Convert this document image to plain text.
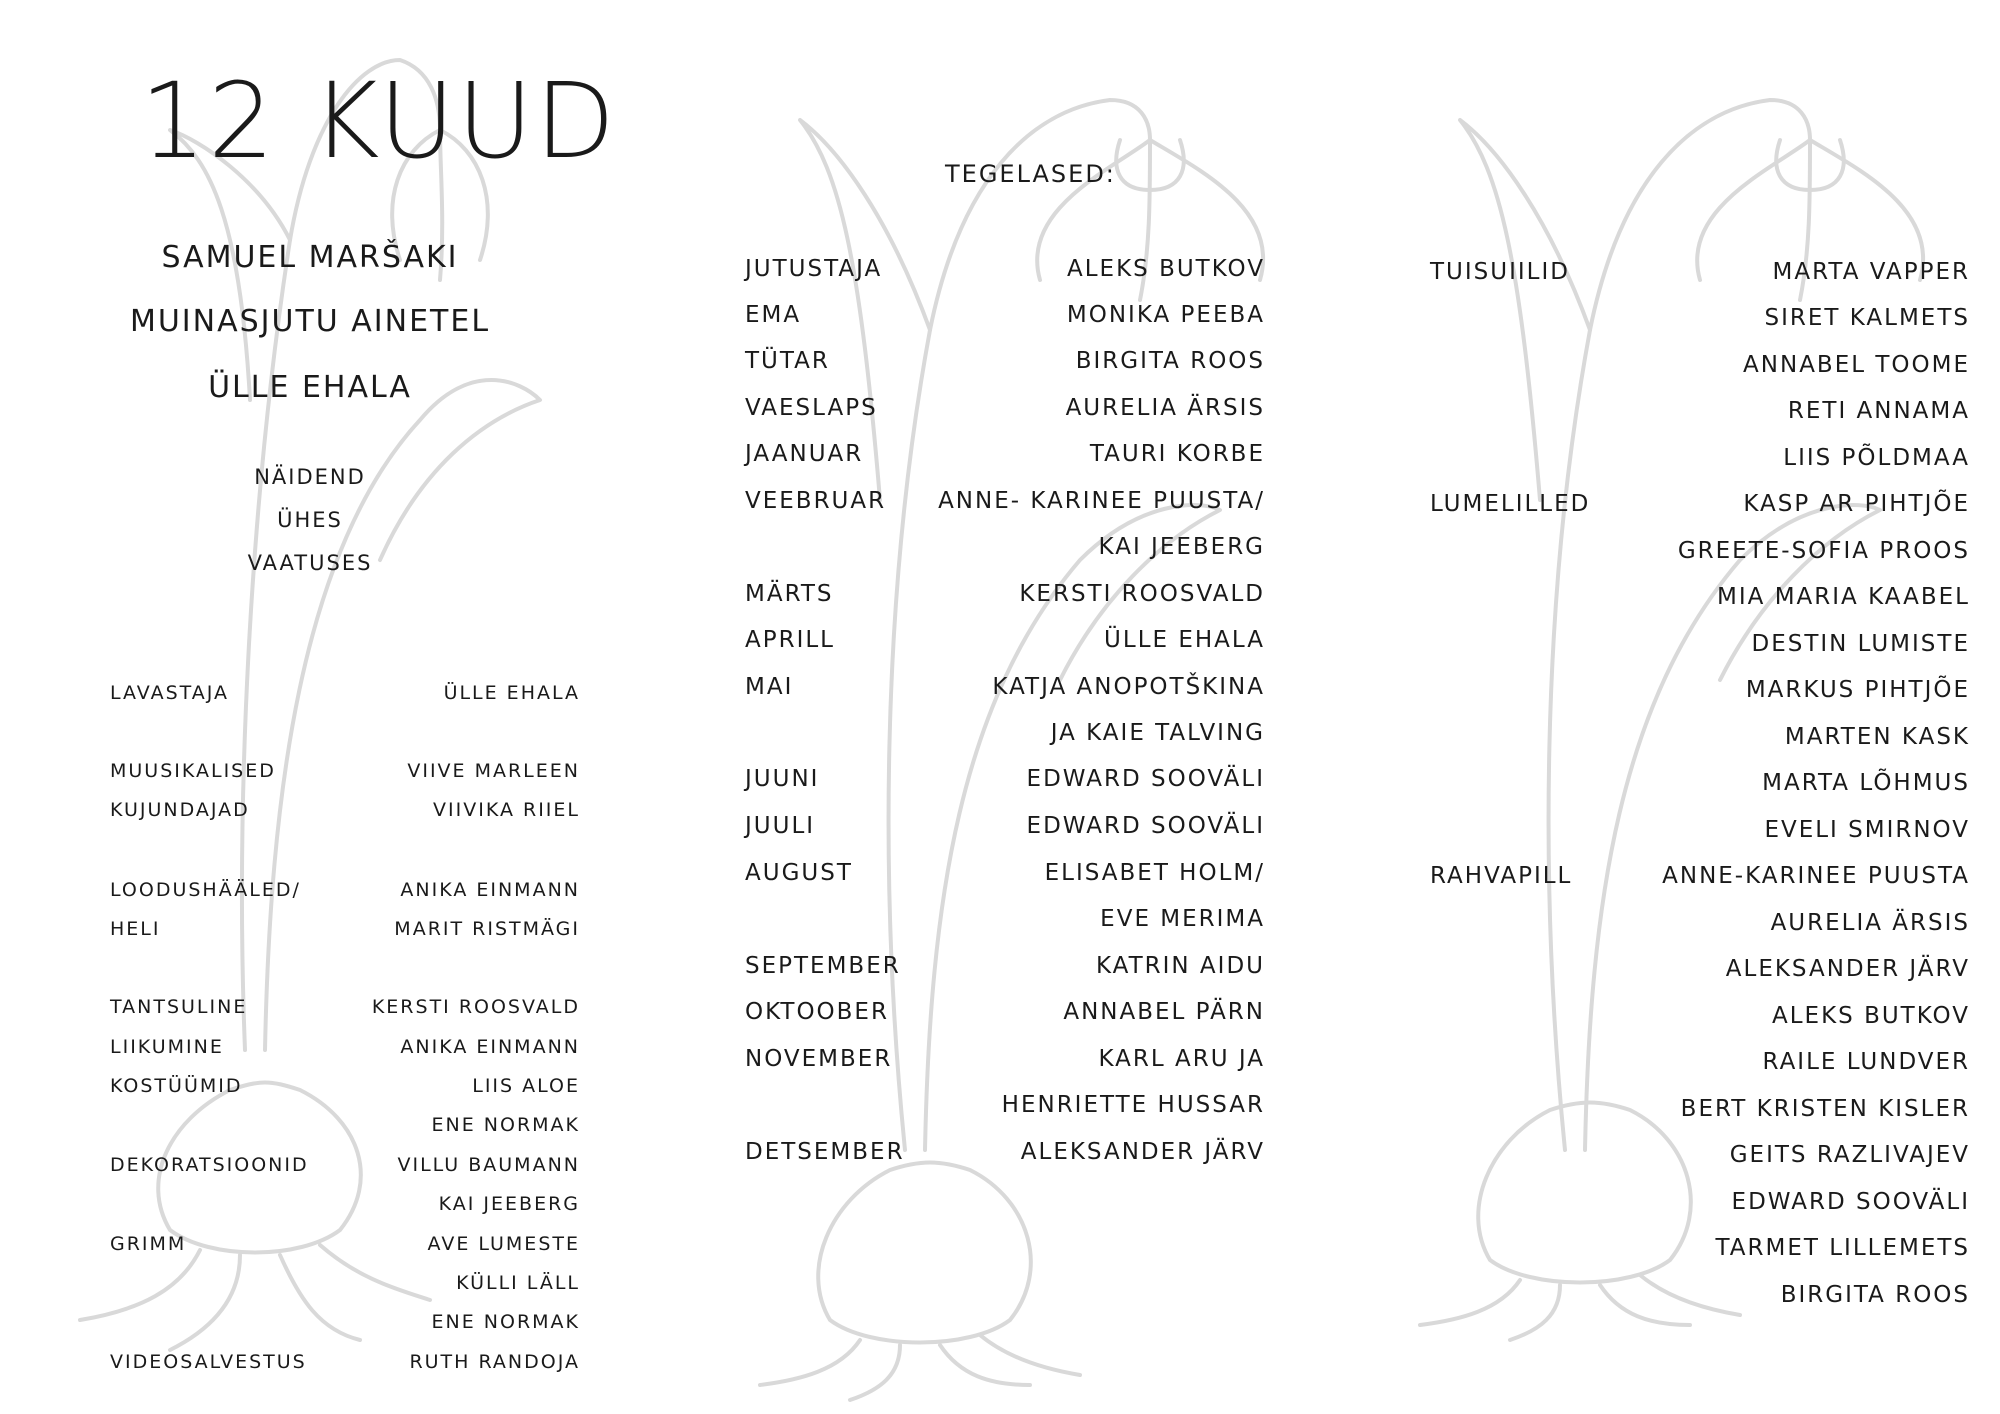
12 KUUD
SAMUEL MARŠAKI
MUINASJUTU AINETEL
ÜLLE EHALA
NÄIDEND
ÜHES
VAATUSES
LAVASTAJA	ÜLLE EHALA
MUUSIKALISED	VIIVE MARLEEN
KUJUNDAJAD	VIIVIKA RIIEL
LOODUSHÄÄLED/	ANIKA EINMANN
HELI	MARIT RISTMÄGI
TANTSULINE	KERSTI ROOSVALD
LIIKUMINE	ANIKA EINMANN
KOSTÜÜMID	LIIS ALOE
ENE NORMAK
DEKORATSIOONID	VILLU BAUMANN
KAI JEEBERG
GRIMM	AVE LUMESTE
KÜLLI LÄLL
ENE NORMAK
VIDEOSALVESTUS	RUTH RANDOJA
TEGELASED:
JUTUSTAJA	ALEKS BUTKOV
EMA	MONIKA PEEBA
TÜTAR	BIRGITA ROOS
VAESLAPS	AURELIA ÄRSIS
JAANUAR	TAURI KORBE
VEEBRUAR ANNE- KARINEE PUUSTA/
KAI JEEBERG
MÄRTS	KERSTI ROOSVALD
APRILL	ÜLLE EHALA
MAI	KATJA ANOPOTŠKINA
JA KAIE TALVING
JUUNI	EDWARD SOOVÄLI
JUULI	EDWARD SOOVÄLI
AUGUST	ELISABET HOLM/
EVE MERIMA
SEPTEMBER	KATRIN AIDU
OKTOOBER	ANNABEL PÄRN
NOVEMBER	KARL ARU JA
HENRIETTE HUSSAR
DETSEMBER	ALEKSANDER JÄRV
TUISUIILID	MARTA VAPPER
SIRET KALMETS
ANNABEL TOOME
RETI ANNAMA
LIIS PÕLDMAA
LUMELILLED	KASP AR PIHTJÕE
GREETE-SOFIA PROOS
MIA MARIA KAABEL
DESTIN LUMISTE
MARKUS PIHTJÕE
MARTEN KASK
MARTA LÕHMUS
EVELI SMIRNOV
RAHVAPILL	ANNE-KARINEE PUUSTA
AURELIA ÄRSIS
ALEKSANDER JÄRV
ALEKS BUTKOV
RAILE LUNDVER
BERT KRISTEN KISLER
GEITS RAZLIVAJEV
EDWARD SOOVÄLI
TARMET LILLEMETS
BIRGITA ROOS
